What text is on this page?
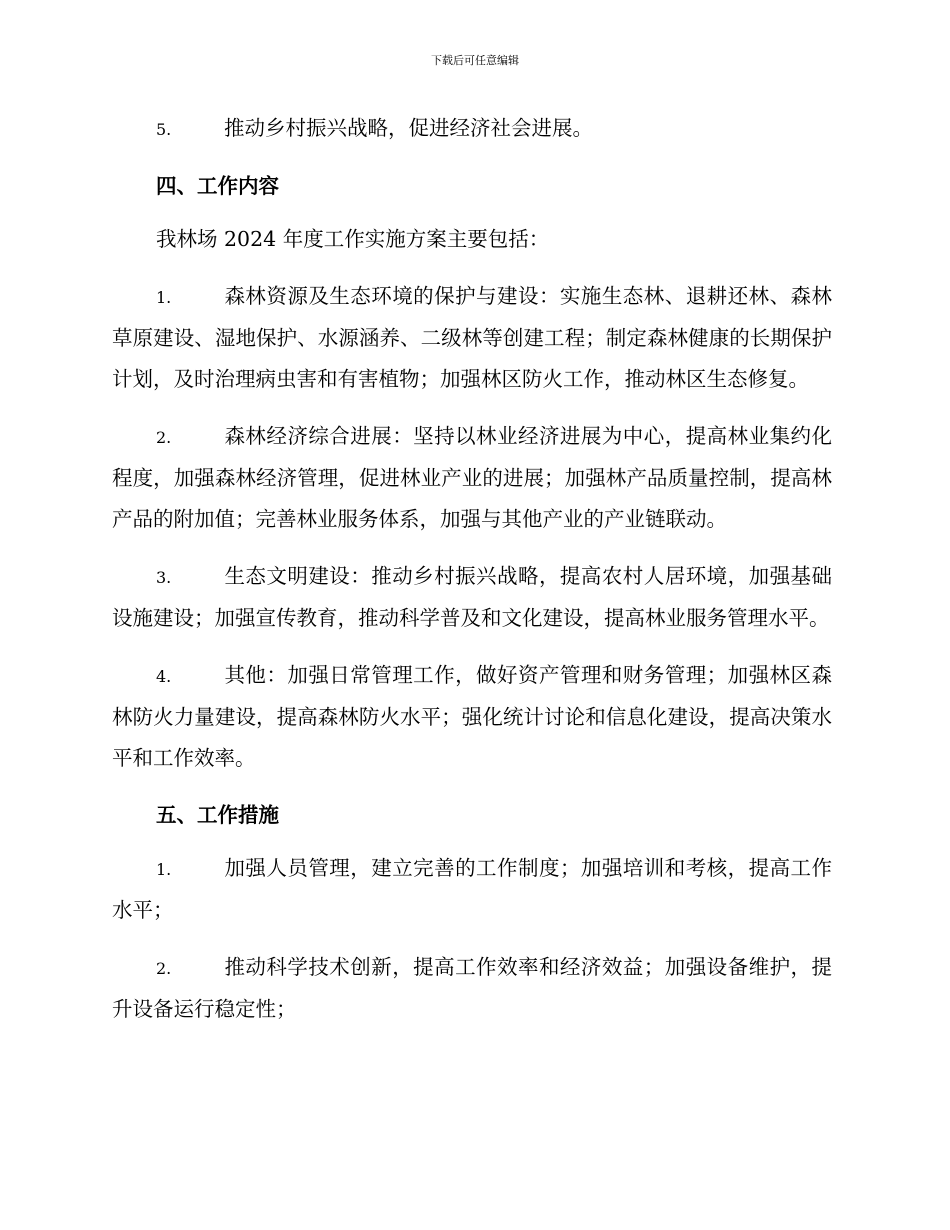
下载后可任意编辑

5.	推动乡村振兴战略，促进经济社会进展。

四、工作内容

我林场 2024 年度工作实施方案主要包括：

1.	森林资源及生态环境的保护与建设：实施生态林、退耕还林、森林草原建设、湿地保护、水源涵养、二级林等创建工程；制定森林健康的长期保护计划，及时治理病虫害和有害植物；加强林区防火工作，推动林区生态修复。

2.	森林经济综合进展：坚持以林业经济进展为中心，提高林业集约化程度，加强森林经济管理，促进林业产业的进展；加强林产品质量控制，提高林产品的附加值；完善林业服务体系，加强与其他产业的产业链联动。

3.	生态文明建设：推动乡村振兴战略，提高农村人居环境，加强基础设施建设；加强宣传教育，推动科学普及和文化建设，提高林业服务管理水平。

4.	其他：加强日常管理工作，做好资产管理和财务管理；加强林区森林防火力量建设，提高森林防火水平；强化统计讨论和信息化建设，提高决策水平和工作效率。

五、工作措施

1.	加强人员管理，建立完善的工作制度；加强培训和考核，提高工作水平；

2.	推动科学技术创新，提高工作效率和经济效益；加强设备维护，提升设备运行稳定性；
